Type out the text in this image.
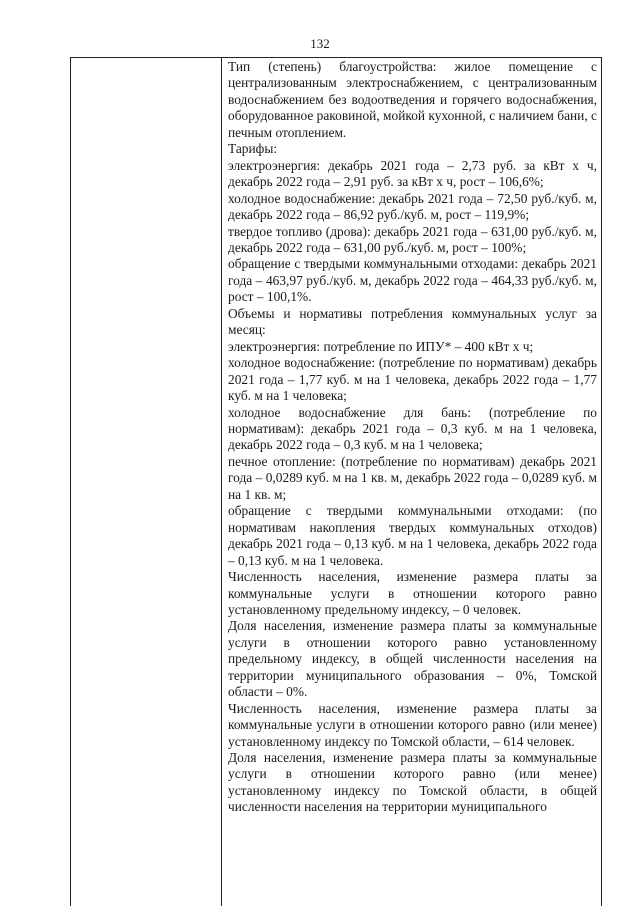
132

Тип (степень) благоустройства: жилое помещение с централизованным электроснабжением, с централизованным водоснабжением без водоотведения и горячего водоснабжения, оборудованное раковиной, мойкой кухонной, с наличием бани, с печным отоплением.

Тарифы:

электроэнергия: декабрь 2021 года – 2,73 руб. за кВт х ч, декабрь 2022 года – 2,91 руб. за кВт х ч, рост – 106,6%;

холодное водоснабжение: декабрь 2021 года – 72,50 руб./куб. м, декабрь 2022 года – 86,92 руб./куб. м, рост – 119,9%;

твердое топливо (дрова): декабрь 2021 года – 631,00 руб./куб. м, декабрь 2022 года – 631,00 руб./куб. м, рост – 100%;

обращение с твердыми коммунальными отходами: декабрь 2021 года – 463,97 руб./куб. м, декабрь 2022 года – 464,33 руб./куб. м, рост – 100,1%.

Объемы и нормативы потребления коммунальных услуг за месяц:

электроэнергия: потребление по ИПУ* – 400 кВт х ч;

холодное водоснабжение: (потребление по нормативам) декабрь 2021 года – 1,77 куб. м на 1 человека, декабрь 2022 года – 1,77 куб. м на 1 человека;

холодное водоснабжение для бань: (потребление по нормативам): декабрь 2021 года – 0,3 куб. м на 1 человека, декабрь 2022 года – 0,3 куб. м на 1 человека;

печное отопление: (потребление по нормативам) декабрь 2021 года – 0,0289 куб. м на 1 кв. м, декабрь 2022 года – 0,0289 куб. м на 1 кв. м;

обращение с твердыми коммунальными отходами: (по нормативам накопления твердых коммунальных отходов) декабрь 2021 года – 0,13 куб. м на 1 человека, декабрь 2022 года – 0,13 куб. м на 1 человека.

Численность населения, изменение размера платы за коммунальные услуги в отношении которого равно установленному предельному индексу, – 0 человек.

Доля населения, изменение размера платы за коммунальные услуги в отношении которого равно установленному предельному индексу, в общей численности населения на территории муниципального образования – 0%, Томской области – 0%.

Численность населения, изменение размера платы за коммунальные услуги в отношении которого равно (или менее) установленному индексу по Томской области, – 614 человек.

Доля населения, изменение размера платы за коммунальные услуги в отношении которого равно (или менее) установленному индексу по Томской области, в общей численности населения на территории муниципального
